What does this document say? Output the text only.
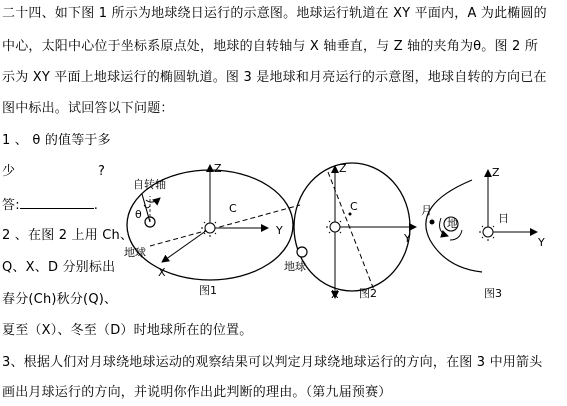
二十四、如下图 1 所示为地球绕日运行的示意图。地球运行轨道在 XY 平面内，A 为此椭圆的
中心，太阳中心位于坐标系原点处，地球的自转轴与 X 轴垂直，与 Z 轴的夹角为θ。图 2 所
示为 XY 平面上地球运行的椭圆轨道。图 3 是地球和月亮运行的示意图，地球自转的方向已在
图中标出。试回答以下问题：
1 、 θ 的值等于多
少	?
答:	.
2 、在图 2 上用 Ch、
Q、X、D 分别标出
春分(Ch)秋分(Q)、
夏至（X）、冬至（D）时地球所在的位置。
3、根据人们对月球绕地球运动的观察结果可以判定月球绕地球运行的方向，在图 3 中用箭头
画出月球运行的方向，并说明你作出此判断的理由。（第九届预赛）
自转轴
θ
地球
Z
C
Y
X
图1
Z
C
Y
地球
X 图2
月
地	日
Z
Y
图3
